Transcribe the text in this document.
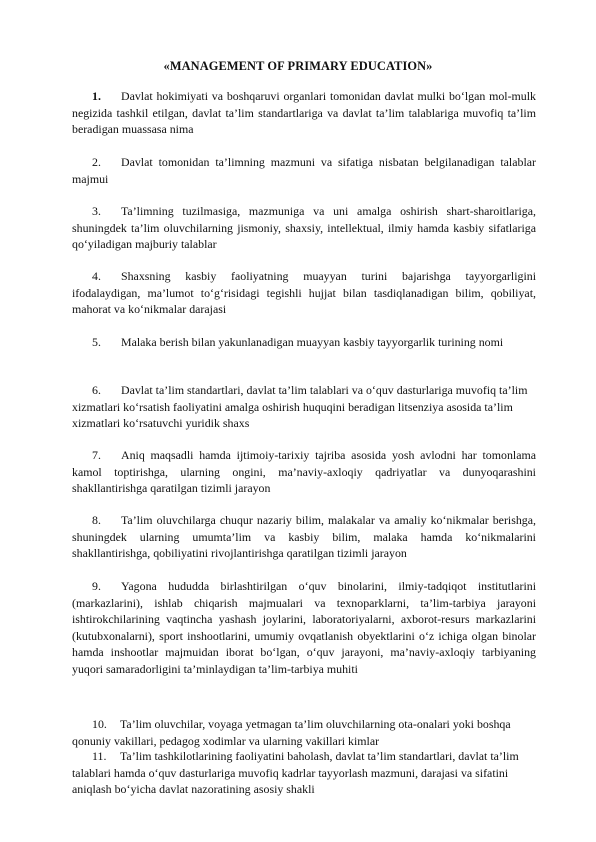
«MANAGEMENT OF PRIMARY EDUCATION»

1. Davlat hokimiyati va boshqaruvi organlari tomonidan davlat mulki bo‘lgan mol-mulk negizida tashkil etilgan, davlat ta’lim standartlariga va davlat ta’lim talablariga muvofiq ta’lim beradigan muassasa nima

2. Davlat tomonidan ta’limning mazmuni va sifatiga nisbatan belgilanadigan talablar majmui

3. Ta’limning tuzilmasiga, mazmuniga va uni amalga oshirish shart-sharoitlariga, shuningdek ta’lim oluvchilarning jismoniy, shaxsiy, intellektual, ilmiy hamda kasbiy sifatlariga qo‘yiladigan majburiy talablar

4. Shaxsning kasbiy faoliyatning muayyan turini bajarishga tayyorgarligini ifodalaydigan, ma’lumot to‘g‘risidagi tegishli hujjat bilan tasdiqlanadigan bilim, qobiliyat, mahorat va ko‘nikmalar darajasi

5. Malaka berish bilan yakunlanadigan muayyan kasbiy tayyorgarlik turining nomi

6. Davlat ta’lim standartlari, davlat ta’lim talablari va o‘quv dasturlariga muvofiq ta’lim xizmatlari ko‘rsatish faoliyatini amalga oshirish huquqini beradigan litsenziya asosida ta’lim xizmatlari ko‘rsatuvchi yuridik shaxs

7. Aniq maqsadli hamda ijtimoiy-tarixiy tajriba asosida yosh avlodni har tomonlama kamol toptirishga, ularning ongini, ma’naviy-axloqiy qadriyatlar va dunyoqarashini shakllantirishga qaratilgan tizimli jarayon

8. Ta’lim oluvchilarga chuqur nazariy bilim, malakalar va amaliy ko‘nikmalar berishga, shuningdek ularning umumta’lim va kasbiy bilim, malaka hamda ko‘nikmalarini shakllantirishga, qobiliyatini rivojlantirishga qaratilgan tizimli jarayon

9. Yagona hududda birlashtirilgan o‘quv binolarini, ilmiy-tadqiqot institutlarini (markazlarini), ishlab chiqarish majmualari va texnoparklarni, ta’lim-tarbiya jarayoni ishtirokchilarining vaqtincha yashash joylarini, laboratoriyalarni, axborot-resurs markazlarini (kutubxonalarni), sport inshootlarini, umumiy ovqatlanish obyektlarini o‘z ichiga olgan binolar hamda inshootlar majmuidan iborat bo‘lgan, o‘quv jarayoni, ma’naviy-axloqiy tarbiyaning yuqori samaradorligini ta’minlaydigan ta’lim-tarbiya muhiti

10. Ta’lim oluvchilar, voyaga yetmagan ta’lim oluvchilarning ota-onalari yoki boshqa qonuniy vakillari, pedagog xodimlar va ularning vakillari kimlar

11. Ta’lim tashkilotlarining faoliyatini baholash, davlat ta’lim standartlari, davlat ta’lim talablari hamda o‘quv dasturlariga muvofiq kadrlar tayyorlash mazmuni, darajasi va sifatini aniqlash bo‘yicha davlat nazoratining asosiy shakli
